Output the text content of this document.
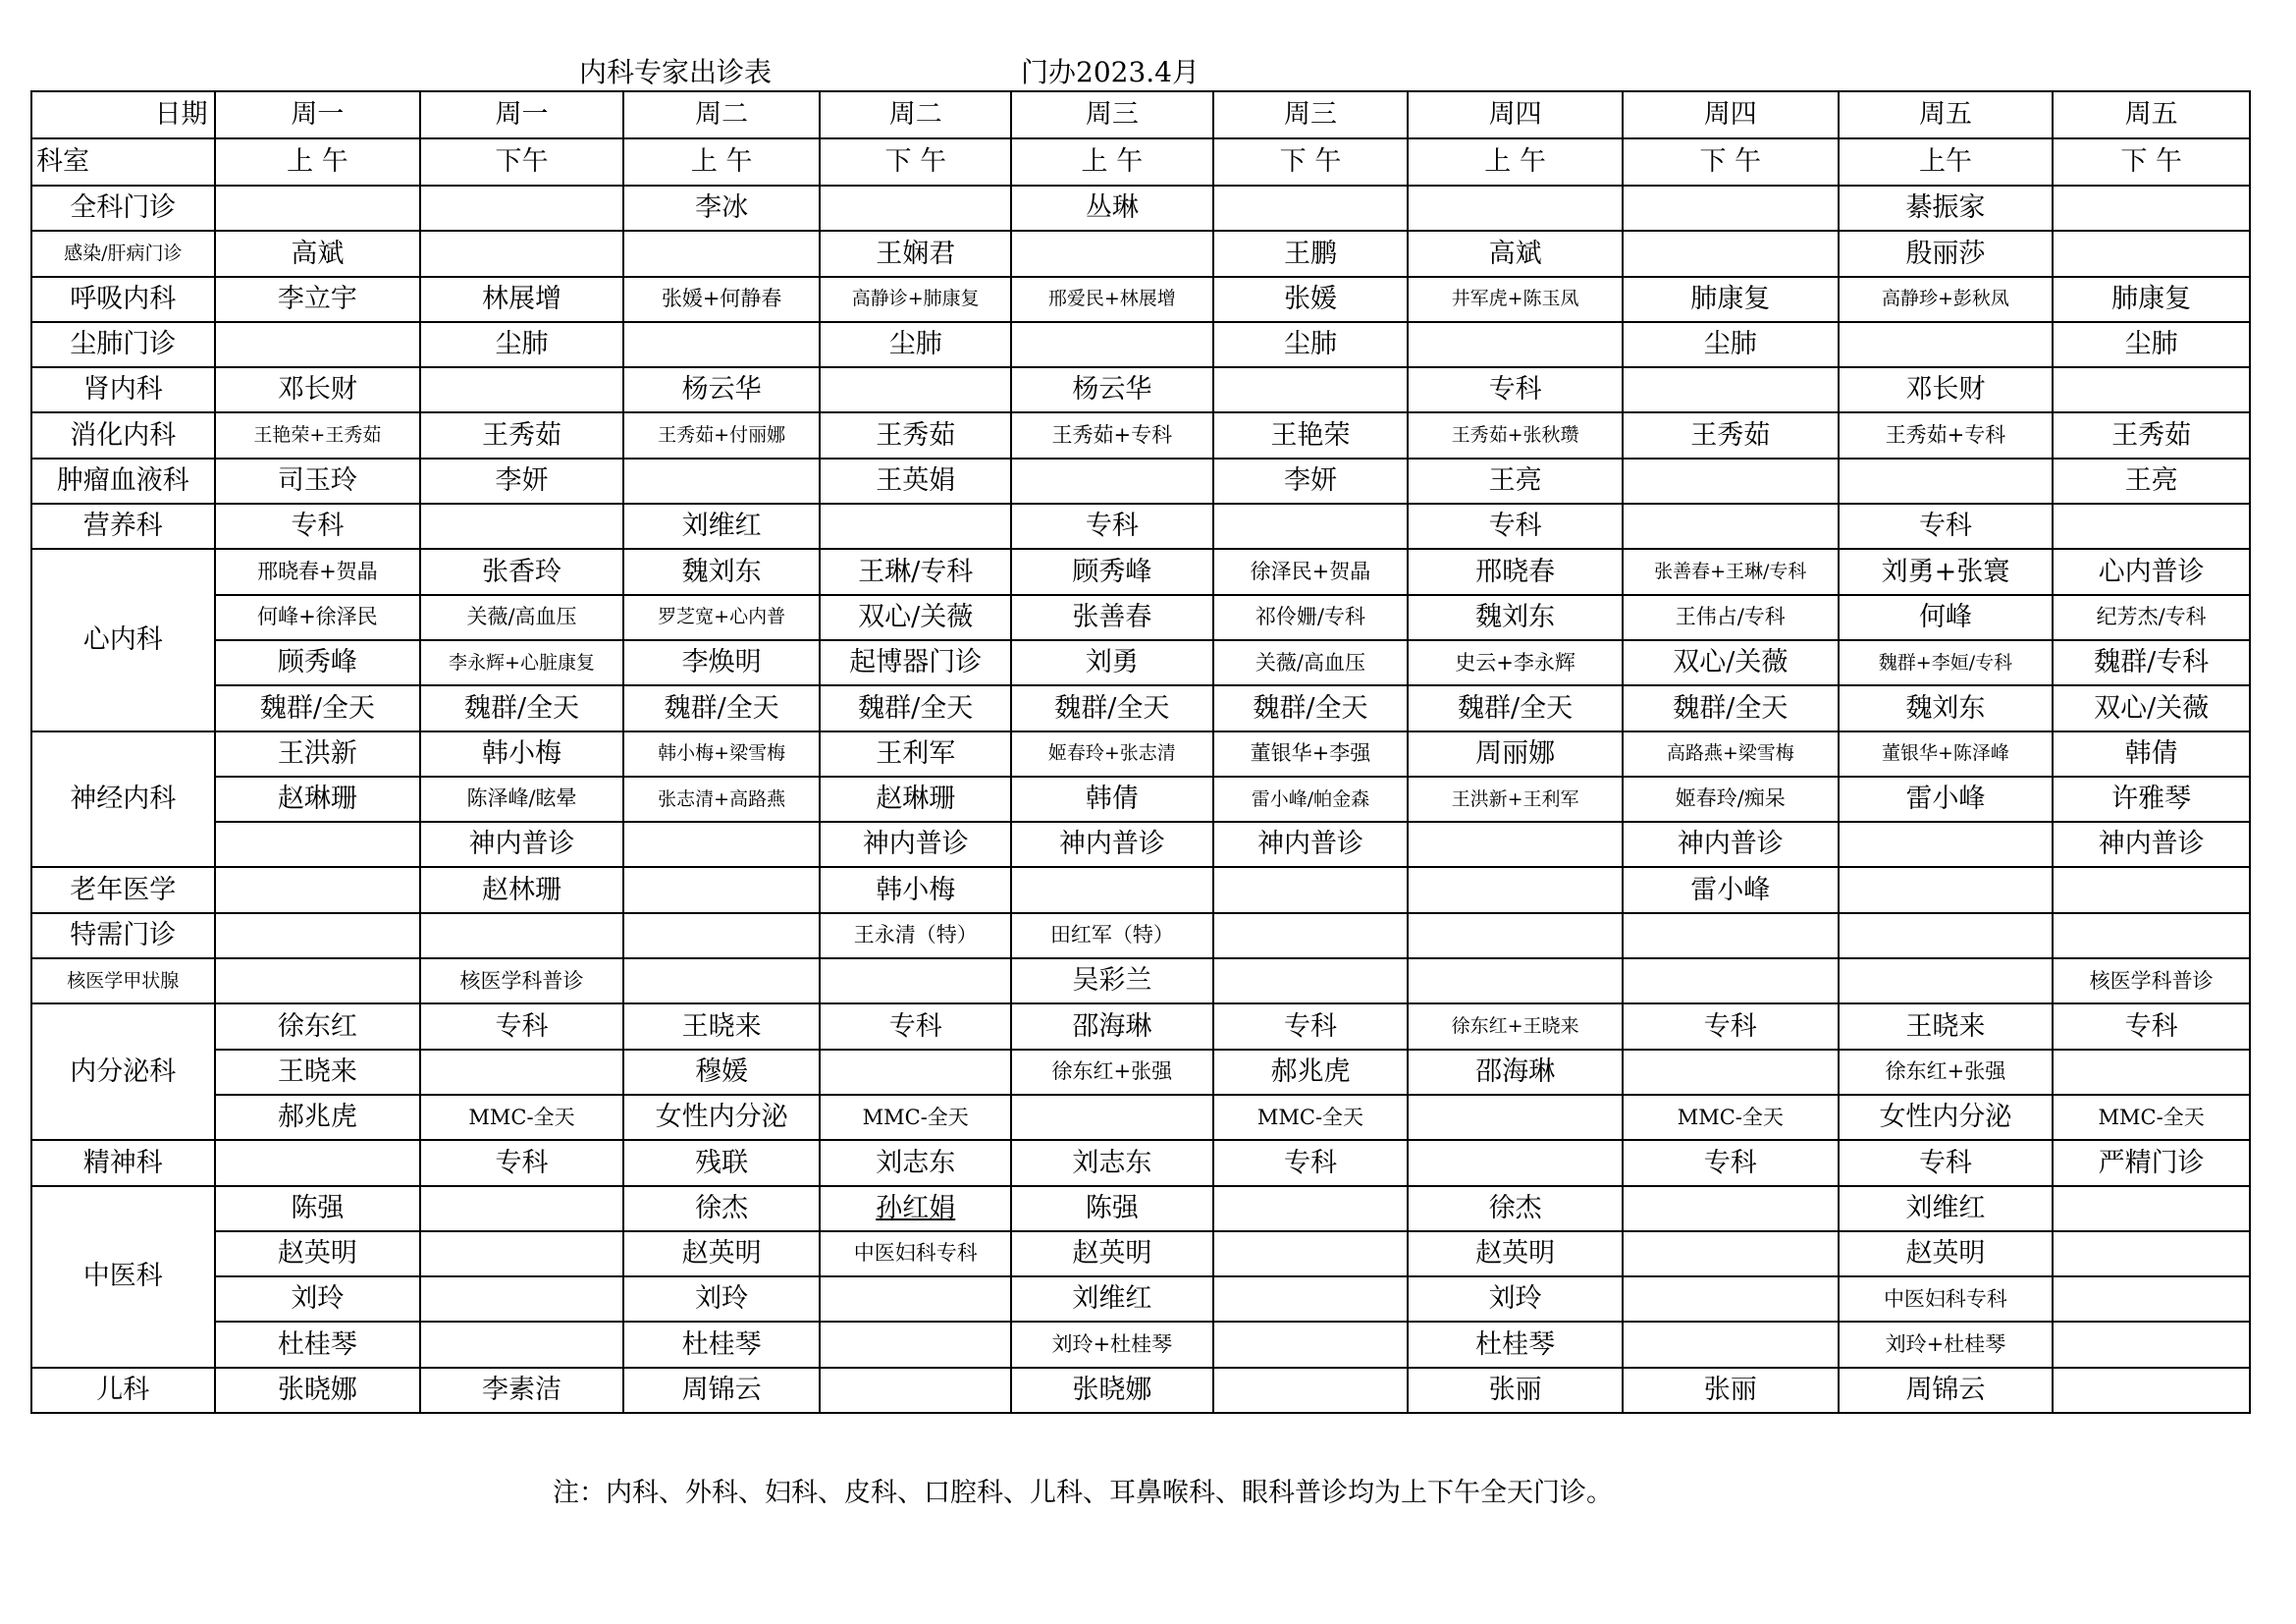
内科专家出诊表	门办2023.4月
日期	周一	周一	周二	周二	周三	周三	周四	周四	周五	周五
科室	上 午	下午	上 午	下 午	上 午	下 午	上 午	下 午	上午	下 午
全科门诊			李冰		丛琳				綦振家	
感染/肝病门诊	高斌			王娴君		王鹏	高斌		殷丽莎	
呼吸内科	李立宇	林展增	张媛+何静春	高静诊+肺康复	邢爱民+林展增	张媛	井军虎+陈玉凤	肺康复	高静珍+彭秋凤	肺康复
尘肺门诊		尘肺		尘肺		尘肺		尘肺		尘肺
肾内科	邓长财		杨云华		杨云华		专科		邓长财	
消化内科	王艳荣+王秀茹	王秀茹	王秀茹+付丽娜	王秀茹	王秀茹+专科	王艳荣	王秀茹+张秋瓒	王秀茹	王秀茹+专科	王秀茹
肿瘤血液科	司玉玲	李妍		王英娟		李妍	王亮			王亮
营养科	专科		刘维红		专科		专科		专科	
心内科	邢晓春+贺晶	张香玲	魏刘东	王琳/专科	顾秀峰	徐泽民+贺晶	邢晓春	张善春+王琳/专科	刘勇+张寰	心内普诊
	何峰+徐泽民	关薇/高血压	罗芝宽+心内普	双心/关薇	张善春	祁伶姗/专科	魏刘东	王伟占/专科	何峰	纪芳杰/专科
	顾秀峰	李永辉+心脏康复	李焕明	起博器门诊	刘勇	关薇/高血压	史云+李永辉	双心/关薇	魏群+李姮/专科	魏群/专科
	魏群/全天	魏群/全天	魏群/全天	魏群/全天	魏群/全天	魏群/全天	魏群/全天	魏群/全天	魏刘东	双心/关薇
神经内科	王洪新	韩小梅	韩小梅+梁雪梅	王利军	姬春玲+张志清	董银华+李强	周丽娜	高路燕+梁雪梅	董银华+陈泽峰	韩倩
	赵琳珊	陈泽峰/眩晕	张志清+高路燕	赵琳珊	韩倩	雷小峰/帕金森	王洪新+王利军	姬春玲/痴呆	雷小峰	许雅琴
		神内普诊		神内普诊	神内普诊	神内普诊		神内普诊		神内普诊
老年医学		赵林珊		韩小梅				雷小峰		
特需门诊				王永清（特）	田红军（特）					
核医学甲状腺		核医学科普诊			吴彩兰					核医学科普诊
内分泌科	徐东红	专科	王晓来	专科	邵海琳	专科	徐东红+王晓来	专科	王晓来	专科
	王晓来		穆媛		徐东红+张强	郝兆虎	邵海琳		徐东红+张强	
	郝兆虎	MMC-全天	女性内分泌	MMC-全天		MMC-全天		MMC-全天	女性内分泌	MMC-全天
精神科		专科	残联	刘志东	刘志东	专科		专科	专科	严精门诊
中医科	陈强		徐杰	孙红娟	陈强		徐杰		刘维红	
	赵英明		赵英明	中医妇科专科	赵英明		赵英明		赵英明	
	刘玲		刘玲		刘维红		刘玲		中医妇科专科	
	杜桂琴		杜桂琴		刘玲+杜桂琴		杜桂琴		刘玲+杜桂琴	
儿科	张晓娜	李素洁	周锦云		张晓娜		张丽	张丽	周锦云	
注：内科、外科、妇科、皮科、口腔科、儿科、耳鼻喉科、眼科普诊均为上下午全天门诊。
